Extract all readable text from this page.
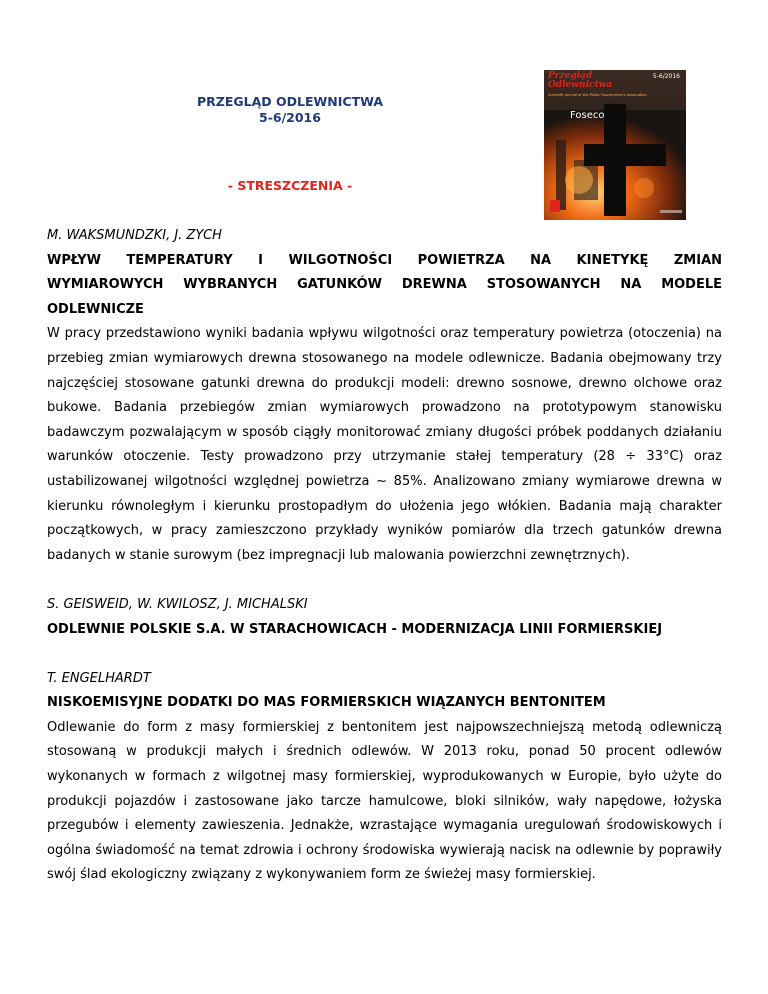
PRZEGLĄD ODLEWNICTWA
5-6/2016
- STRESZCZENIA -
Przegląd
Odlewnictwa
5-6/2016
Scientific Journal of the Polish Foundrymen's Association
Foseco

M. WAKSMUNDZKI, J. ZYCH

WPŁYW TEMPERATURY I WILGOTNOŚCI POWIETRZA NA KINETYKĘ ZMIAN

WYMIAROWYCH WYBRANYCH GATUNKÓW DREWNA STOSOWANYCH NA MODELE

ODLEWNICZE

W pracy przedstawiono wyniki badania wpływu wilgotności oraz temperatury powietrza (otoczenia) na przebieg zmian wymiarowych drewna stosowanego na modele odlewnicze. Badania obejmowany trzy najczęściej stosowane gatunki drewna do produkcji modeli: drewno sosnowe, drewno olchowe oraz bukowe. Badania przebiegów zmian wymiarowych prowadzono na prototypowym stanowisku badawczym pozwalającym w sposób ciągły monitorować zmiany długości próbek poddanych działaniu warunków otoczenie. Testy prowadzono przy utrzymanie stałej temperatury (28 ÷ 33°C) oraz ustabilizowanej wilgotności względnej powietrza ~ 85%. Analizowano zmiany wymiarowe drewna w kierunku równoległym i kierunku prostopadłym do ułożenia jego włókien. Badania mają charakter początkowych, w pracy zamieszczono przykłady wyników pomiarów dla trzech gatunków drewna badanych w stanie surowym (bez impregnacji lub malowania powierzchni zewnętrznych).

S. GEISWEID, W. KWILOSZ, J. MICHALSKI

ODLEWNIE POLSKIE S.A. W STARACHOWICACH - MODERNIZACJA LINII FORMIERSKIEJ

T. ENGELHARDT

NISKOEMISYJNE DODATKI DO MAS FORMIERSKICH WIĄZANYCH BENTONITEM

Odlewanie do form z masy formierskiej z bentonitem jest najpowszechniejszą metodą odlewniczą stosowaną w produkcji małych i średnich odlewów. W 2013 roku, ponad 50 procent odlewów wykonanych w formach z wilgotnej masy formierskiej, wyprodukowanych w Europie, było użyte do produkcji pojazdów i zastosowane jako tarcze hamulcowe, bloki silników, wały napędowe, łożyska przegubów i elementy zawieszenia. Jednakże, wzrastające wymagania uregulowań środowiskowych i ogólna świadomość na temat zdrowia i ochrony środowiska wywierają nacisk na odlewnie by poprawiły swój ślad ekologiczny związany z wykonywaniem form ze świeżej masy formierskiej.
